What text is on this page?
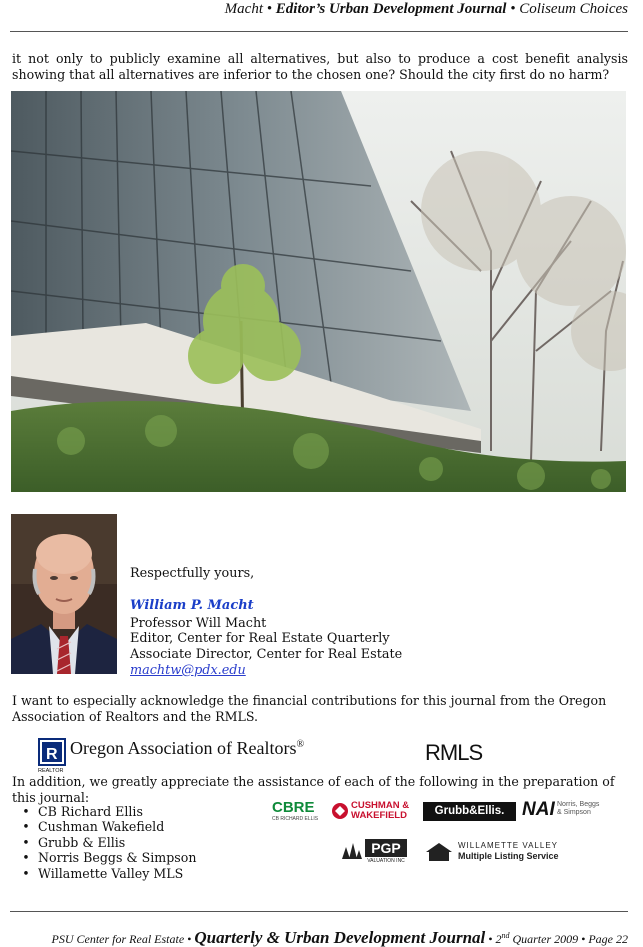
Macht • Editor’s Urban Development Journal • Coliseum Choices
it not only to publicly examine all alternatives, but also to produce a cost benefit analysis showing that all alternatives are inferior to the chosen one? Should the city first do no harm?
Respectfully yours,
William P. Macht
Professor Will Macht
Editor, Center for Real Estate Quarterly
Associate Director, Center for Real Estate
machtw@pdx.edu
I want to especially acknowledge the financial contributions for this journal from the Oregon Association of Realtors and the RMLS.
R
REALTOR
Oregon Association of Realtors®	RMLS
In addition, we greatly appreciate the assistance of each of the following in the preparation of this journal:
• CB Richard Ellis
• Cushman Wakefield
• Grubb & Ellis
• Norris Beggs & Simpson
• Willamette Valley MLS
CBRE
CB RICHARD ELLIS
CUSHMAN &
WAKEFIELD	Grubb&Ellis. NAI Norris, Beggs
& Simpson
PGP
VALUATION INC
WILLAMETTE VALLEY
Multiple Listing Service
PSU Center for Real Estate • Quarterly & Urban Development Journal • 2nd Quarter 2009 • Page 22
